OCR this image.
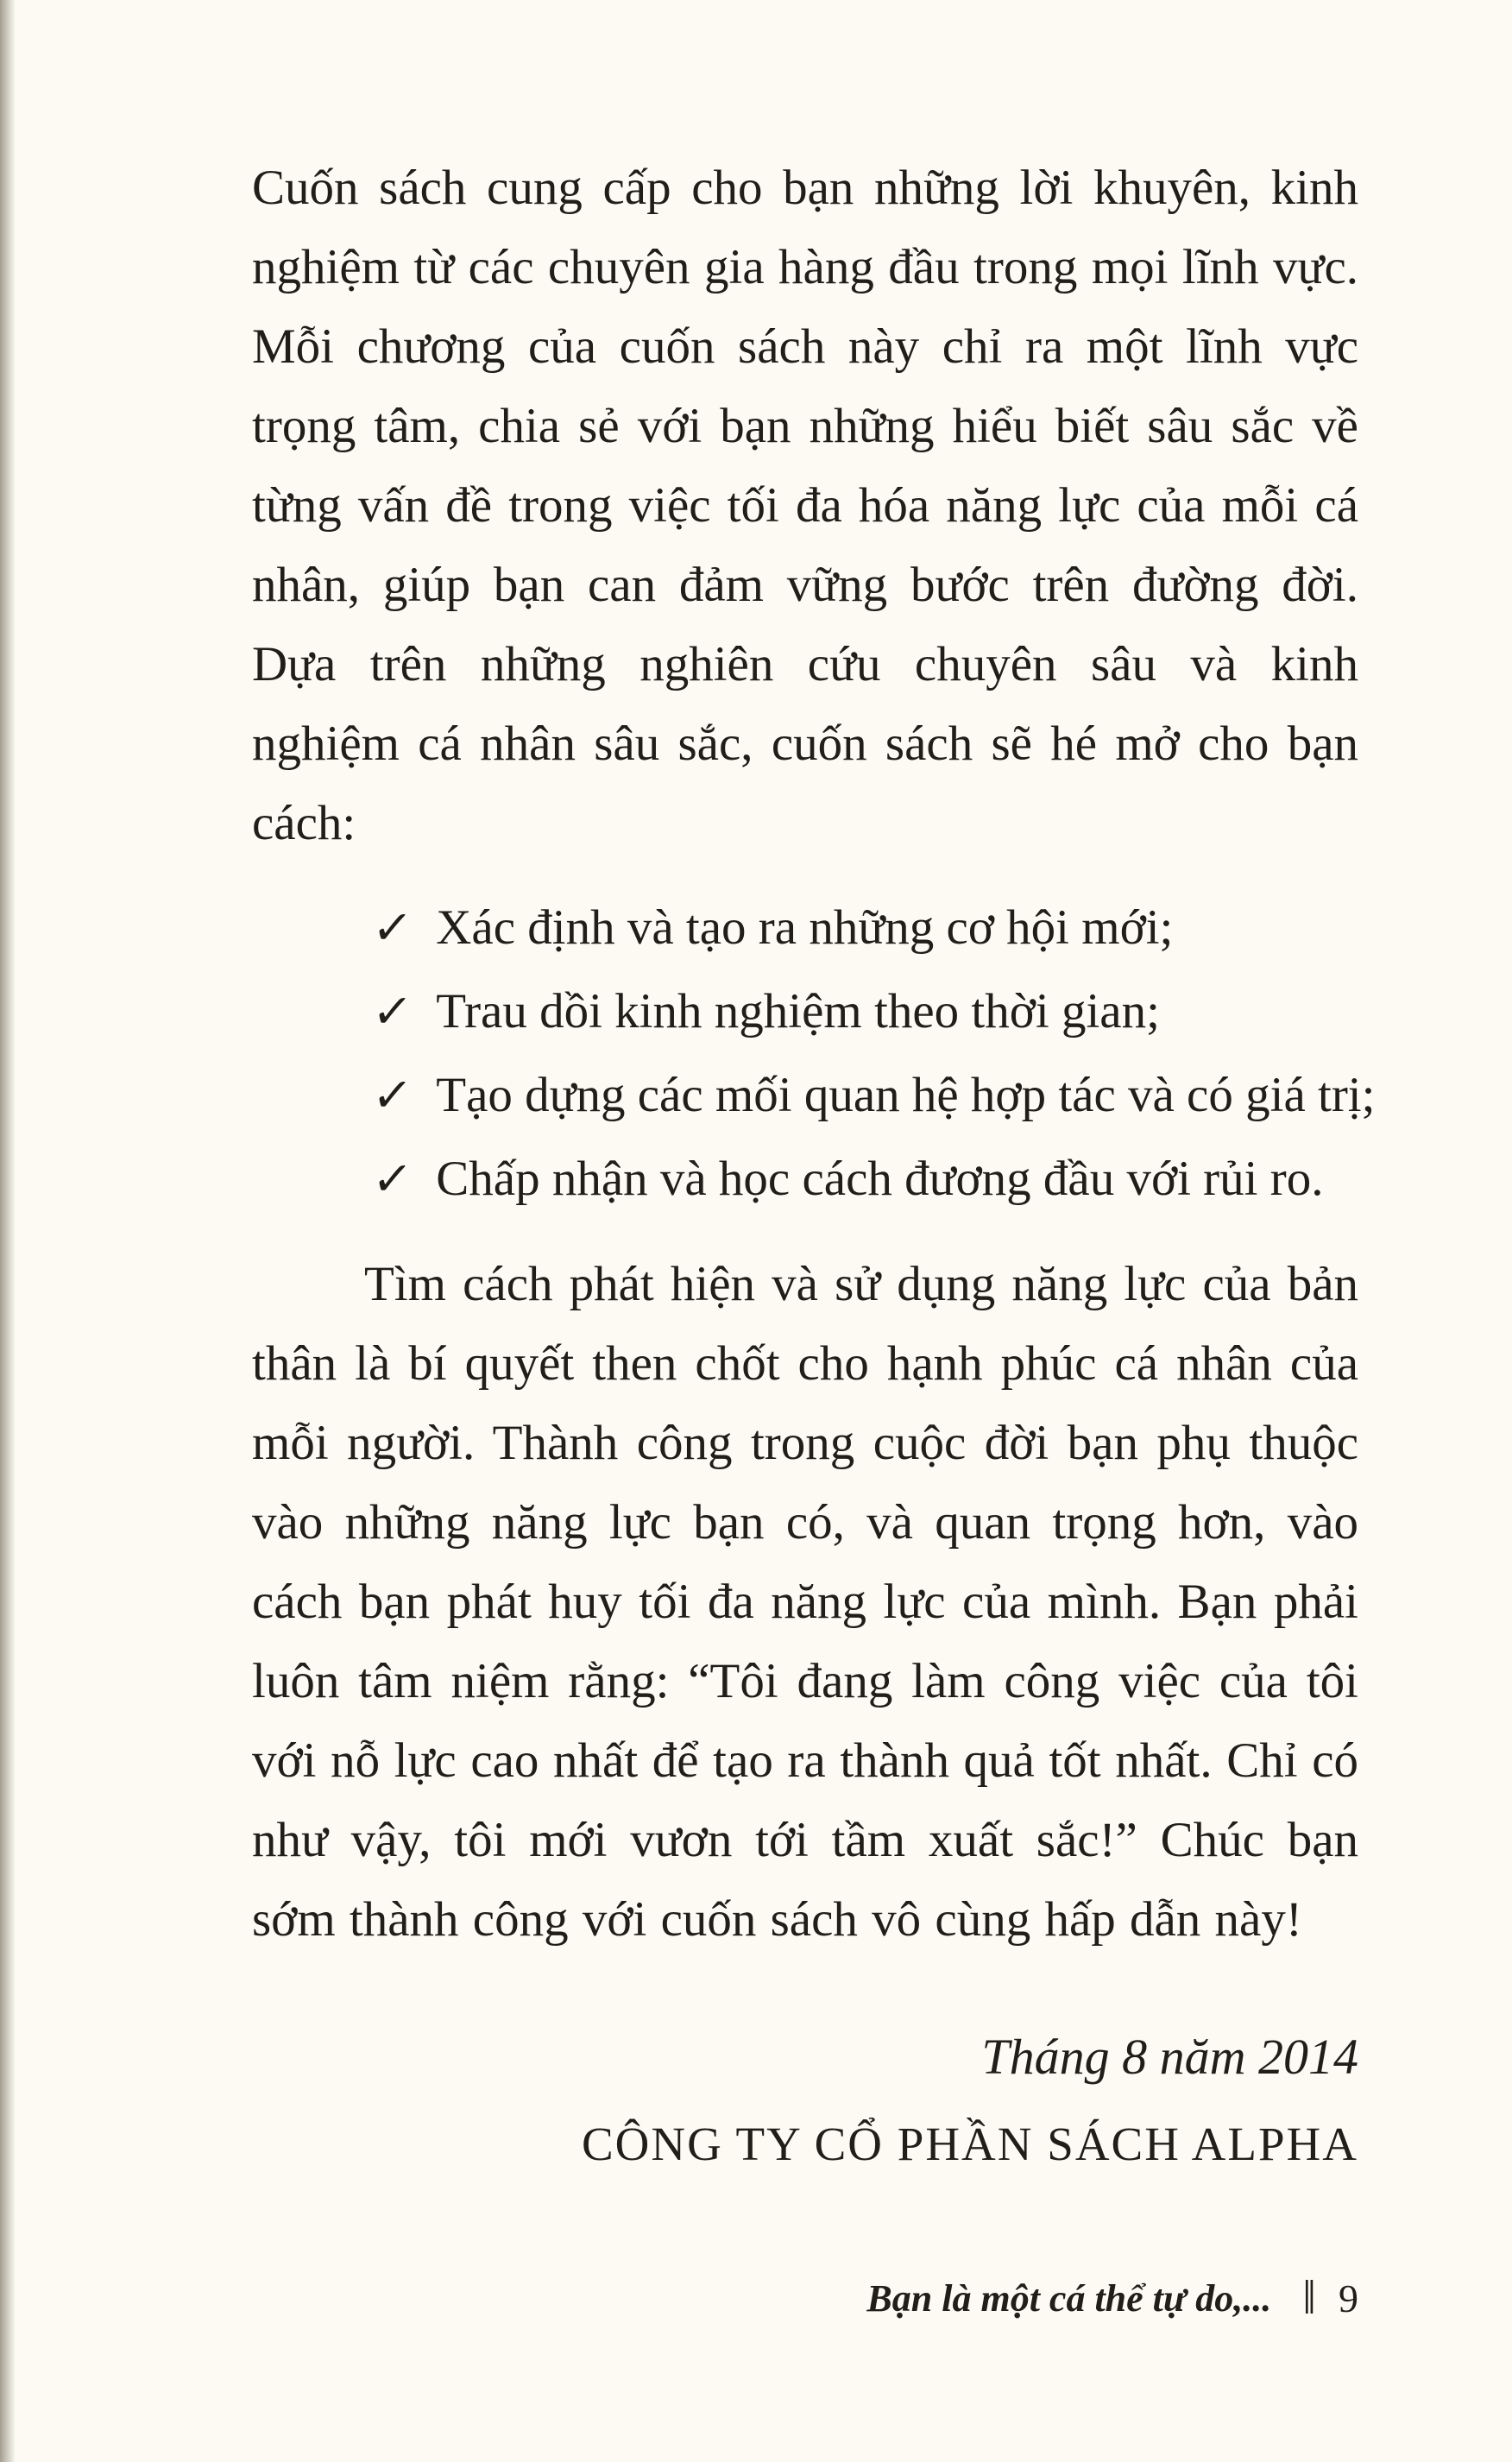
Cuốn sách cung cấp cho bạn những lời khuyên, kinh nghiệm từ các chuyên gia hàng đầu trong mọi lĩnh vực. Mỗi chương của cuốn sách này chỉ ra một lĩnh vực trọng tâm, chia sẻ với bạn những hiểu biết sâu sắc về từng vấn đề trong việc tối đa hóa năng lực của mỗi cá nhân, giúp bạn can đảm vững bước trên đường đời. Dựa trên những nghiên cứu chuyên sâu và kinh nghiệm cá nhân sâu sắc, cuốn sách sẽ hé mở cho bạn cách:

✓ Xác định và tạo ra những cơ hội mới;
✓ Trau dồi kinh nghiệm theo thời gian;
✓ Tạo dựng các mối quan hệ hợp tác và có giá trị;
✓ Chấp nhận và học cách đương đầu với rủi ro.

Tìm cách phát hiện và sử dụng năng lực của bản thân là bí quyết then chốt cho hạnh phúc cá nhân của mỗi người. Thành công trong cuộc đời bạn phụ thuộc vào những năng lực bạn có, và quan trọng hơn, vào cách bạn phát huy tối đa năng lực của mình. Bạn phải luôn tâm niệm rằng: “Tôi đang làm công việc của tôi với nỗ lực cao nhất để tạo ra thành quả tốt nhất. Chỉ có như vậy, tôi mới vươn tới tầm xuất sắc!” Chúc bạn sớm thành công với cuốn sách vô cùng hấp dẫn này!

Tháng 8 năm 2014
CÔNG TY CỔ PHẦN SÁCH ALPHA
Bạn là một cá thể tự do,... ‖ 9
